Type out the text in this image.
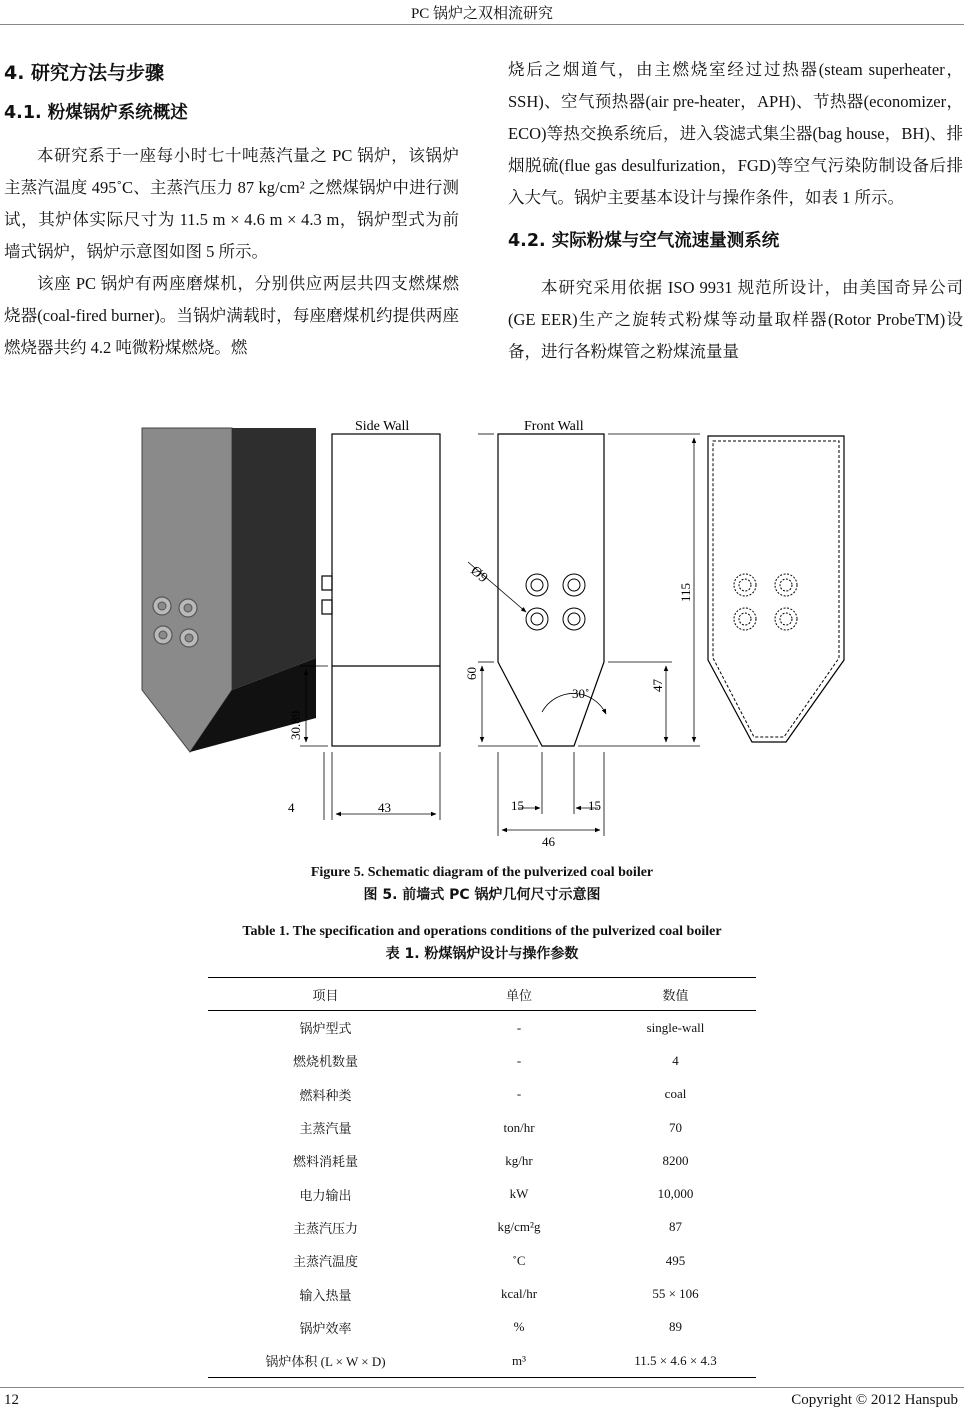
PC 锅炉之双相流研究
4. 研究方法与步骤
4.1. 粉煤锅炉系统概述

本研究系于一座每小时七十吨蒸汽量之 PC 锅炉，该锅炉主蒸汽温度 495˚C、主蒸汽压力 87 kg/cm² 之燃煤锅炉中进行测试，其炉体实际尺寸为 11.5 m × 4.6 m × 4.3 m，锅炉型式为前墙式锅炉，锅炉示意图如图 5 所示。

该座 PC 锅炉有两座磨煤机，分别供应两层共四支燃煤燃烧器(coal-fired burner)。当锅炉满载时，每座磨煤机约提供两座燃烧器共约 4.2 吨微粉煤燃烧。燃

烧后之烟道气，由主燃烧室经过过热器(steam superheater，SSH)、空气预热器(air pre-heater，APH)、节热器(economizer，ECO)等热交换系统后，进入袋滤式集尘器(bag house，BH)、排烟脱硫(flue gas desulfurization，FGD)等空气污染防制设备后排入大气。锅炉主要基本设计与操作条件，如表 1 所示。

4.2. 实际粉煤与空气流速量测系统

本研究采用依据 ISO 9931 规范所设计，由美国奇异公司(GE EER)生产之旋转式粉煤等动量取样器(Rotor ProbeTM)设备，进行各粉煤管之粉煤流量量

Side Wall
30.89
4	43
Front Wall
Ø9
60
115
47
30˚
15	15
46
Figure 5. Schematic diagram of the pulverized coal boiler
图 5. 前墙式 PC 锅炉几何尺寸示意图
Table 1. The specification and operations conditions of the pulverized coal boiler
表 1. 粉煤锅炉设计与操作参数
项目	单位	数值
锅炉型式	-	single-wall
燃烧机数量	-	4
燃料种类	-	coal
主蒸汽量	ton/hr	70
燃料消耗量	kg/hr	8200
电力输出	kW	10,000
主蒸汽压力	kg/cm²g	87
主蒸汽温度	˚C	495
输入热量	kcal/hr	55 × 106
锅炉效率	%	89
锅炉体积 (L × W × D)	m³	11.5 × 4.6 × 4.3
12	Copyright © 2012 Hanspub
